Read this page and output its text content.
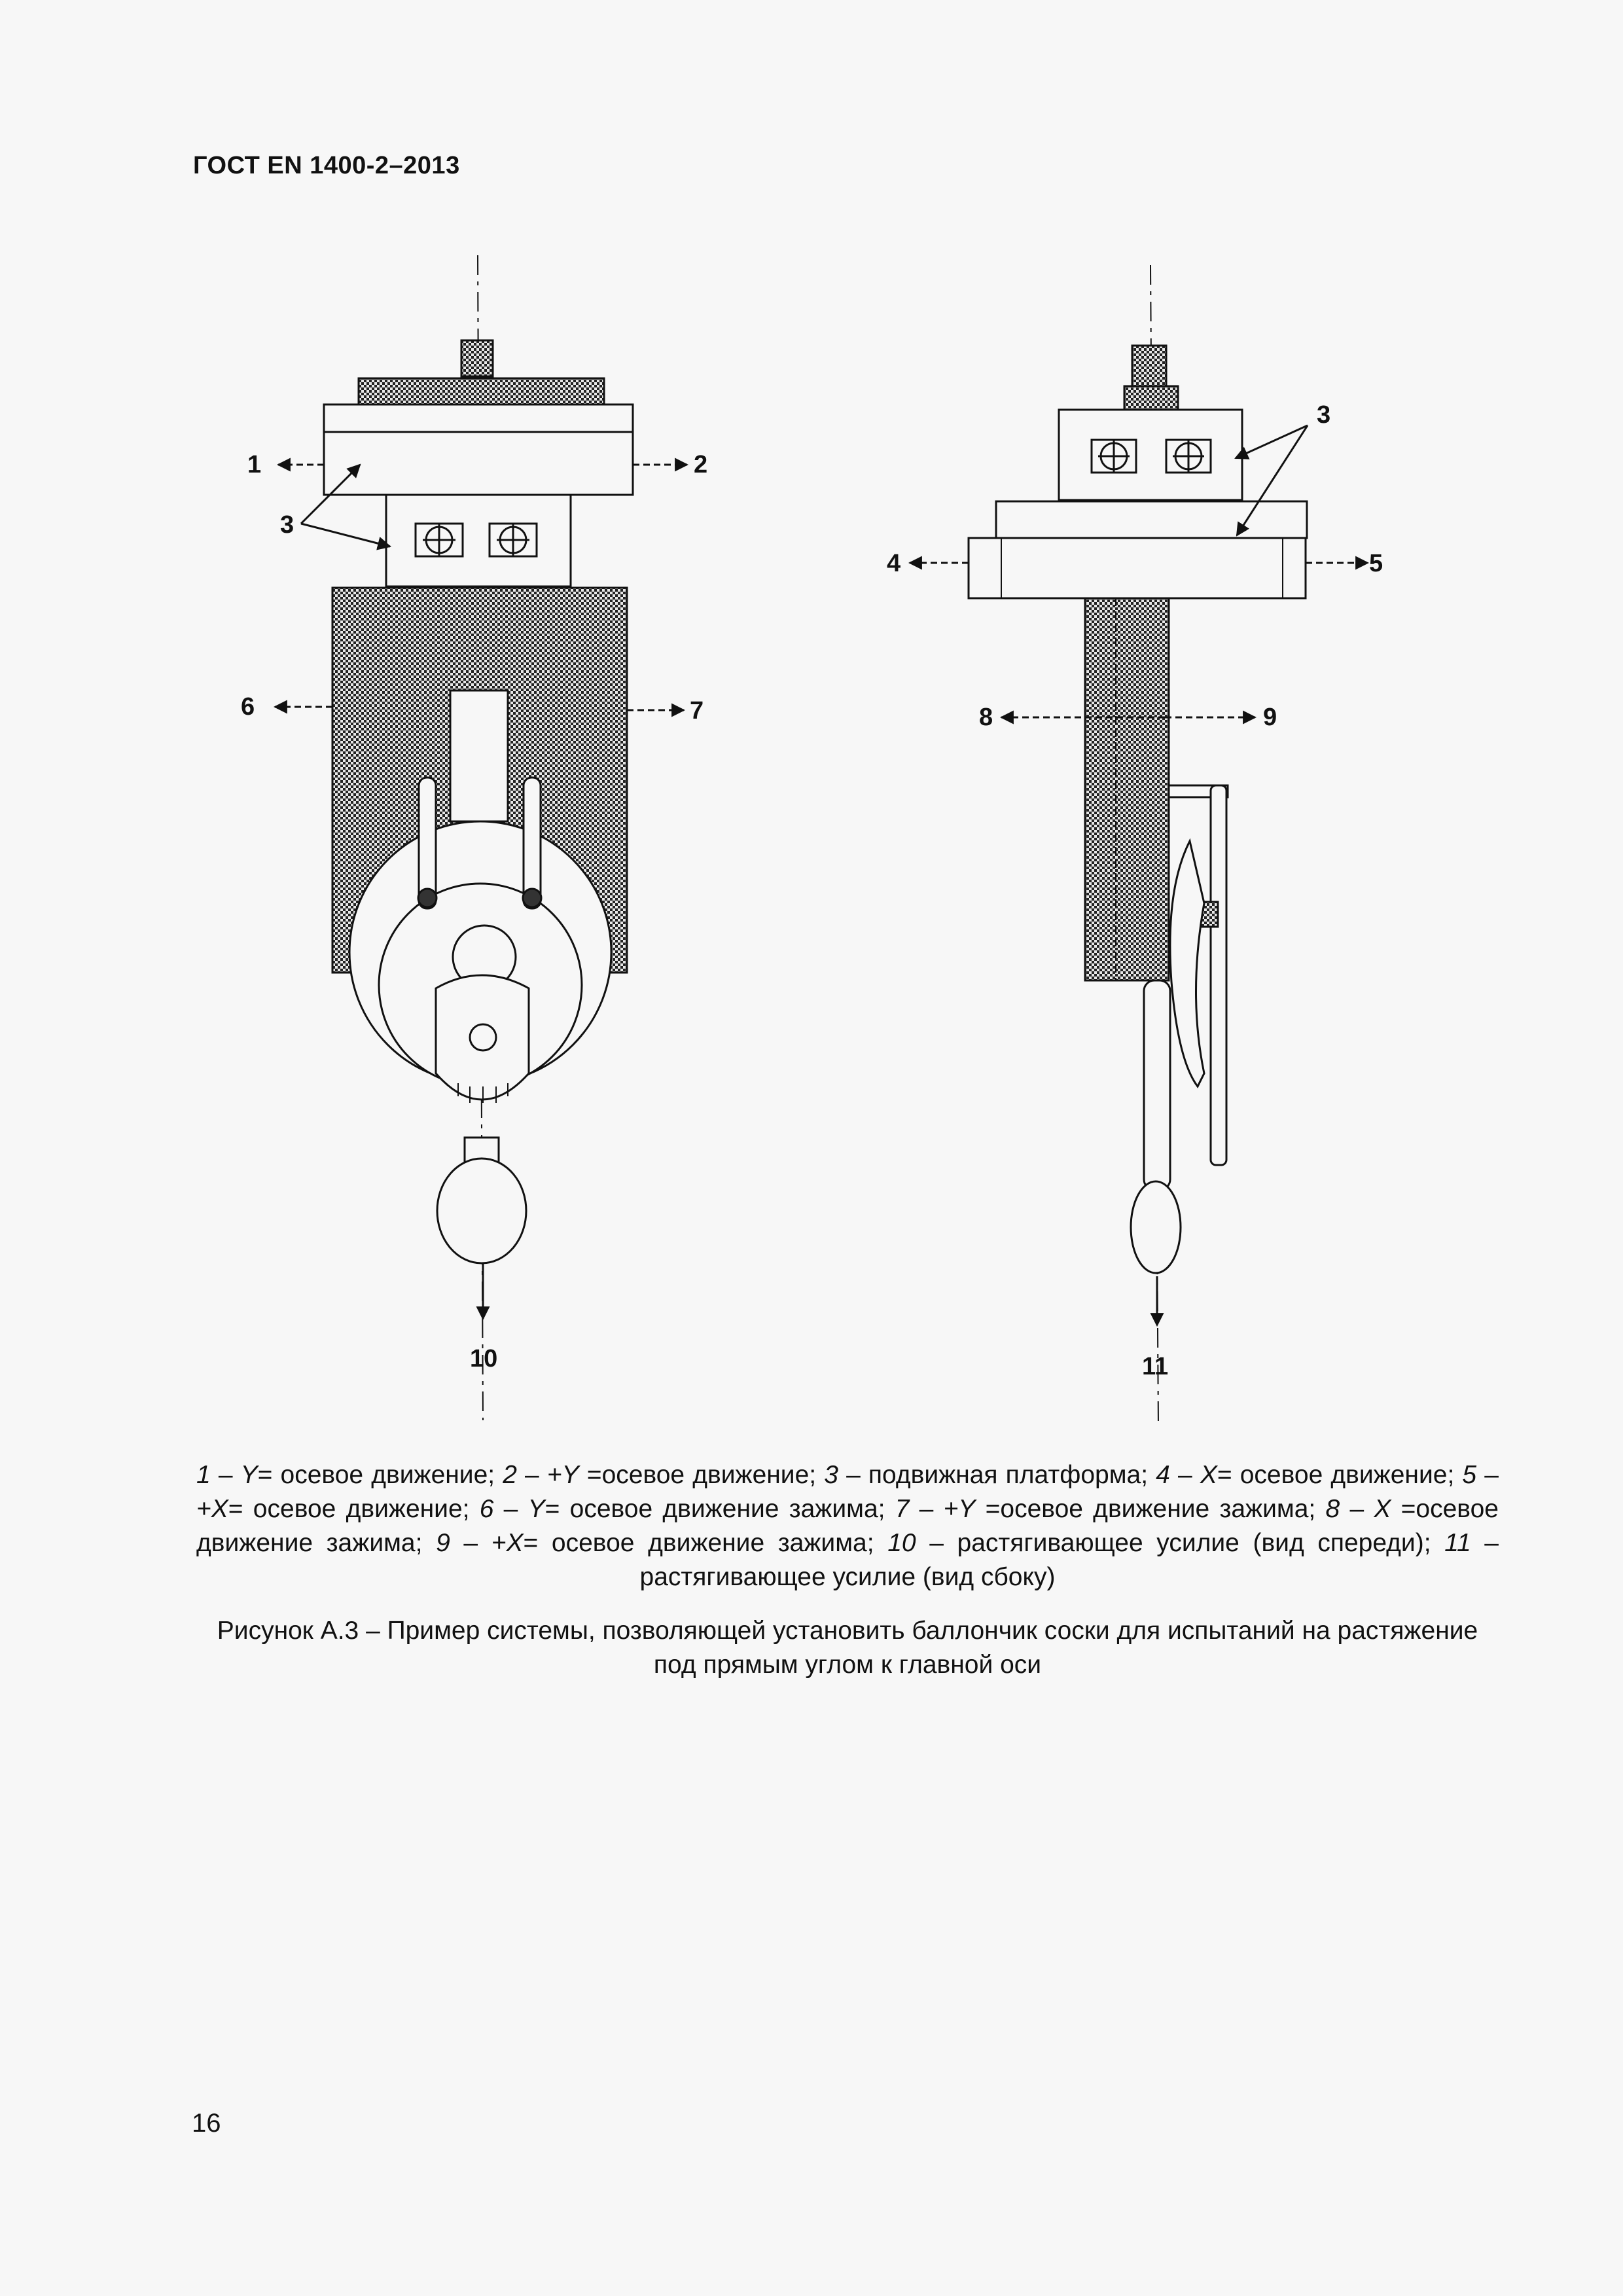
ГОСТ EN 1400-2–2013
1	2
3
6	7
10
3
4	5
8	9
11
1 – Y= осевое движение; 2 – +Y =осевое движение; 3 – подвижная платформа; 4 – X= осевое движение; 5 – +X= осевое движение; 6 – Y= осевое движение зажима; 7 – +Y =осевое движение зажима; 8 – X =осевое движение зажима; 9 – +X= осевое движение зажима; 10 – растягивающее усилие (вид спереди); 11 – растягивающее усилие (вид сбоку)
Рисунок А.3 – Пример системы, позволяющей установить баллончик соски для испытаний на растяжение под прямым углом к главной оси
16
